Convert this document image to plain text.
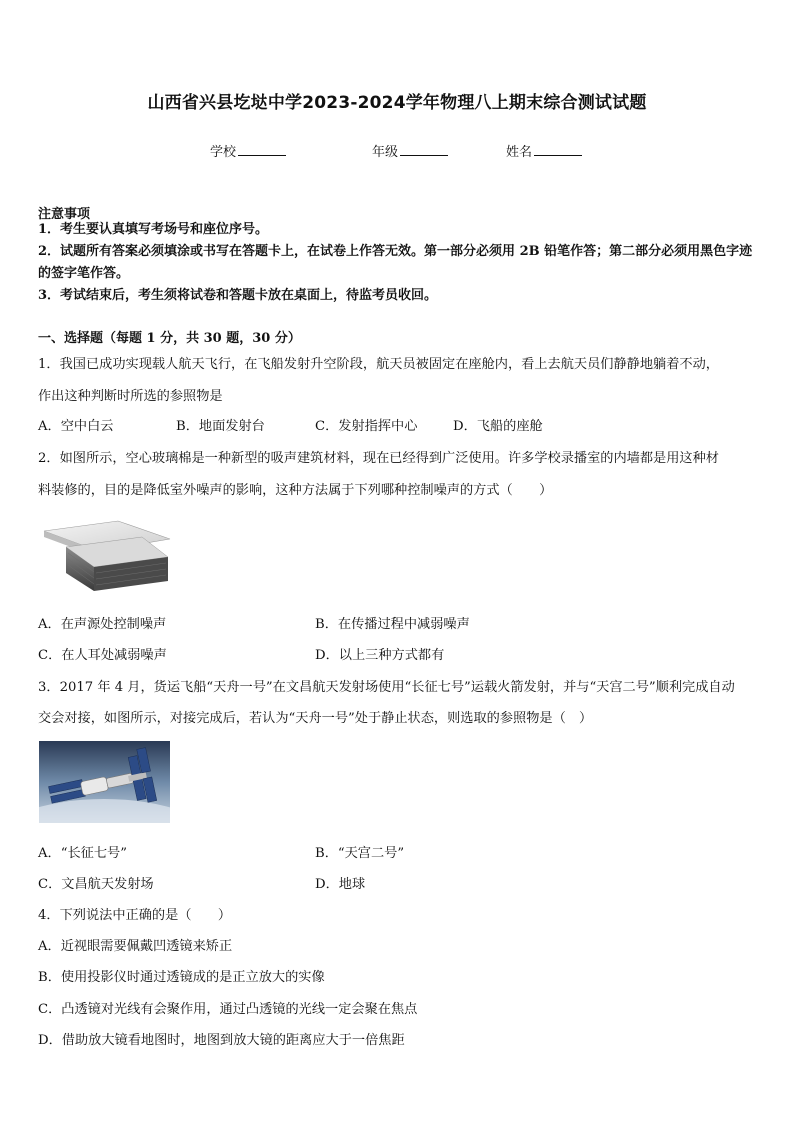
山西省兴县圪垯中学2023-2024学年物理八上期末综合测试试题
学校	年级	姓名
注意事项
1．考生要认真填写考场号和座位序号。
2．试题所有答案必须填涂或书写在答题卡上，在试卷上作答无效。第一部分必须用 2B 铅笔作答；第二部分必须用黑色字迹的签字笔作答。
3．考试结束后，考生须将试卷和答题卡放在桌面上，待监考员收回。
一、选择题（每题 1 分，共 30 题，30 分）
1．我国已成功实现载人航天飞行，在飞船发射升空阶段，航天员被固定在座舱内，看上去航天员们静静地躺着不动，
作出这种判断时所选的参照物是
A．空中白云	B．地面发射台	C．发射指挥中心	D．飞船的座舱
2．如图所示，空心玻璃棉是一种新型的吸声建筑材料，现在已经得到广泛使用。许多学校录播室的内墙都是用这种材
料装修的，目的是降低室外噪声的影响，这种方法属于下列哪种控制噪声的方式（　　）
A．在声源处控制噪声	B．在传播过程中减弱噪声
C．在人耳处减弱噪声	D．以上三种方式都有
3．2017 年 4 月，货运飞船“天舟一号”在文昌航天发射场使用“长征七号”运载火箭发射，并与“天宫二号”顺利完成自动
交会对接，如图所示，对接完成后，若认为“天舟一号”处于静止状态，则选取的参照物是（　）
A．“长征七号”	B．“天宫二号”
C．文昌航天发射场	D．地球
4．下列说法中正确的是（　　）
A．近视眼需要佩戴凹透镜来矫正
B．使用投影仪时通过透镜成的是正立放大的实像
C．凸透镜对光线有会聚作用，通过凸透镜的光线一定会聚在焦点
D．借助放大镜看地图时，地图到放大镜的距离应大于一倍焦距
